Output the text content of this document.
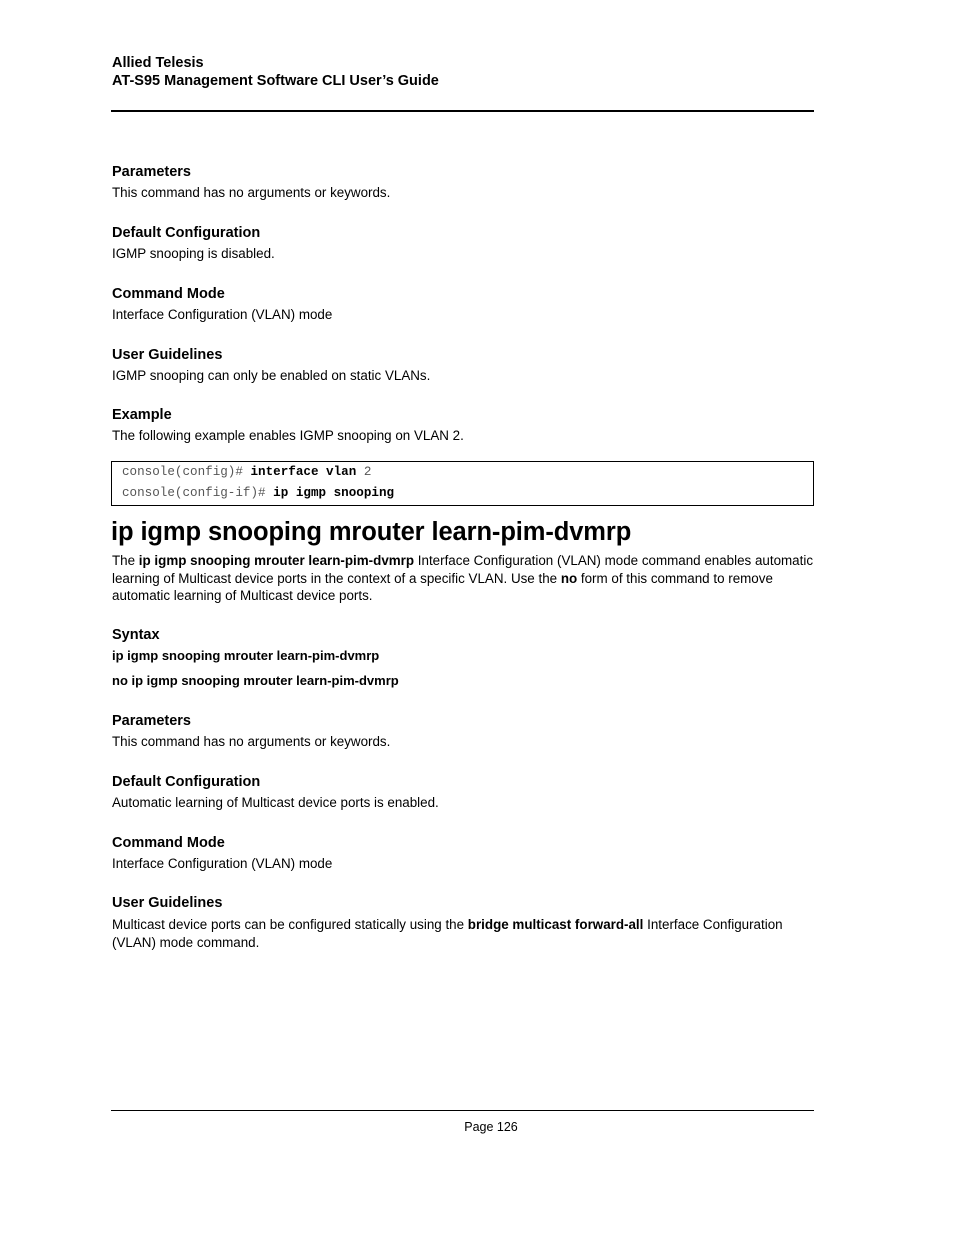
Allied Telesis
AT-S95 Management Software CLI User’s Guide
Parameters
This command has no arguments or keywords.
Default Configuration
IGMP snooping is disabled.
Command Mode
Interface Configuration (VLAN) mode
User Guidelines
IGMP snooping can only be enabled on static VLANs.
Example
The following example enables IGMP snooping on VLAN 2.
console(config)# interface vlan 2
console(config-if)# ip igmp snooping
ip igmp snooping mrouter learn-pim-dvmrp
The ip igmp snooping mrouter learn-pim-dvmrp Interface Configuration (VLAN) mode command enables automatic learning of Multicast device ports in the context of a specific VLAN. Use the no form of this command to remove automatic learning of Multicast device ports.
Syntax
ip igmp snooping mrouter learn-pim-dvmrp
no ip igmp snooping mrouter learn-pim-dvmrp
Parameters
This command has no arguments or keywords.
Default Configuration
Automatic learning of Multicast device ports is enabled.
Command Mode
Interface Configuration (VLAN) mode
User Guidelines
Multicast device ports can be configured statically using the bridge multicast forward-all Interface Configuration (VLAN) mode command.
Page 126
